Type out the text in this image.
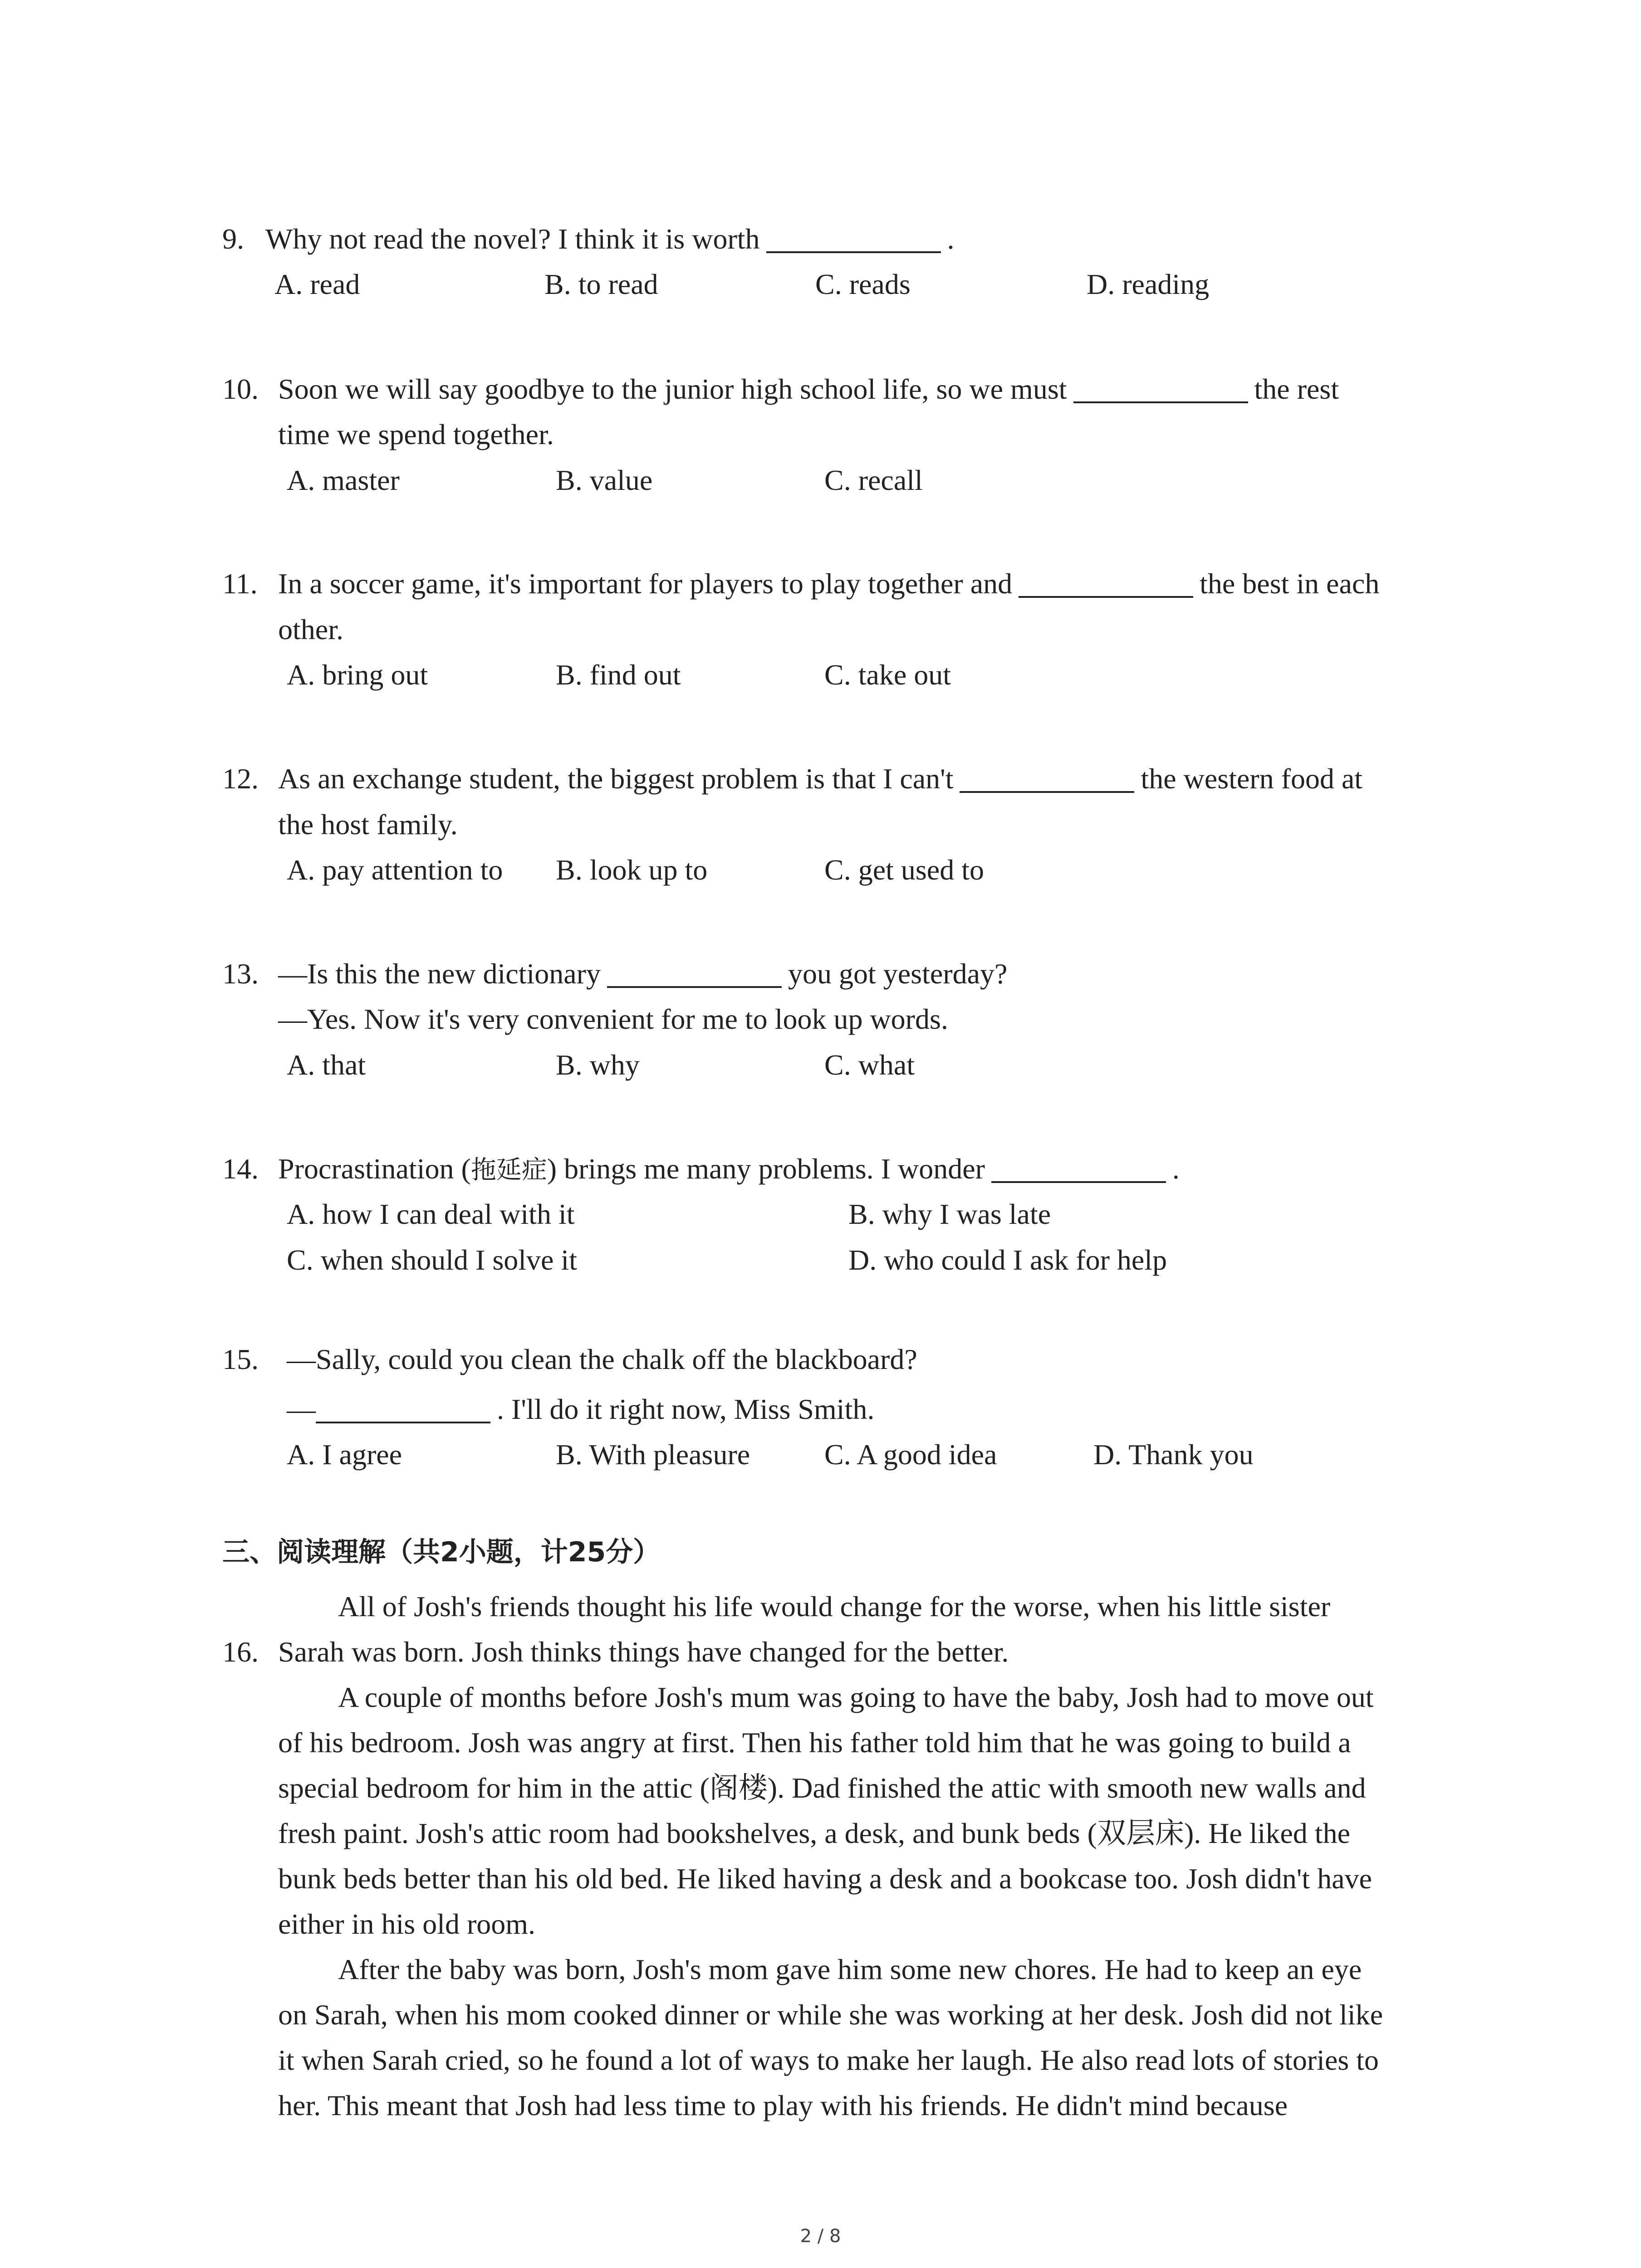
9. Why not read the novel? I think it is worth	.
A. read	B. to read	C. reads	D. reading
10. Soon we will say goodbye to the junior high school life, so we must	the rest
time we spend together.
A. master	B. value	C. recall
11. In a soccer game, it's important for players to play together and	the best in each
other.
A. bring out	B. find out	C. take out
12. As an exchange student, the biggest problem is that I can't	the western food at
the host family.
A. pay attention to B. look up to	C. get used to
13. —Is this the new dictionary	you got yesterday?
—Yes. Now it's very convenient for me to look up words.
A. that	B. why	C. what
14. Procrastination (拖延症) brings me many problems. I wonder	.
A. how I can deal with it	B. why I was late
C. when should I solve it	D. who could I ask for help
15. —Sally, could you clean the chalk off the blackboard?
—	. I'll do it right now, Miss Smith.
A. I agree	B. With pleasure	C. A good idea	D. Thank you
三、阅读理解（共2小题，计25分）
16.
All of Josh's friends thought his life would change for the worse, when his little sister
Sarah was born. Josh thinks things have changed for the better.
A couple of months before Josh's mum was going to have the baby, Josh had to move out
of his bedroom. Josh was angry at first. Then his father told him that he was going to build a
special bedroom for him in the attic (阁楼). Dad finished the attic with smooth new walls and
fresh paint. Josh's attic room had bookshelves, a desk, and bunk beds (双层床). He liked the
bunk beds better than his old bed. He liked having a desk and a bookcase too. Josh didn't have
either in his old room.
After the baby was born, Josh's mom gave him some new chores. He had to keep an eye
on Sarah, when his mom cooked dinner or while she was working at her desk. Josh did not like
it when Sarah cried, so he found a lot of ways to make her laugh. He also read lots of stories to
her. This meant that Josh had less time to play with his friends. He didn't mind because
2 / 8
